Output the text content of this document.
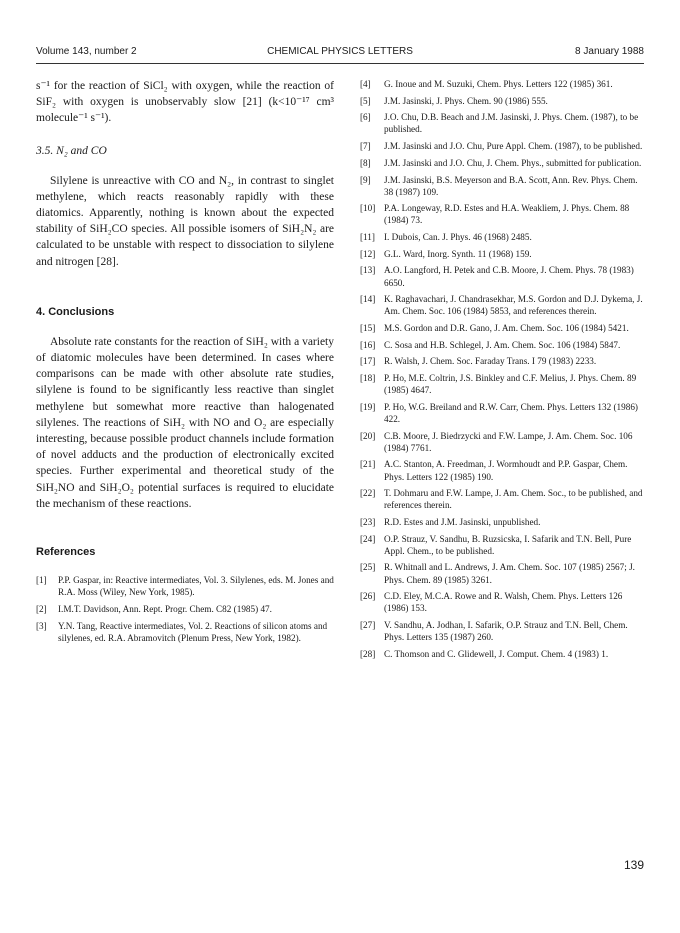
Volume 143, number 2	CHEMICAL PHYSICS LETTERS	8 January 1988

s⁻¹ for the reaction of SiCl₂ with oxygen, while the reaction of SiF₂ with oxygen is unobservably slow [21] (k<10⁻¹⁷ cm³ molecule⁻¹ s⁻¹).

3.5. N₂ and CO

Silylene is unreactive with CO and N₂, in contrast to singlet methylene, which reacts reasonably rapidly with these diatomics. Apparently, nothing is known about the expected stability of SiH₂CO species. All possible isomers of SiH₂N₂ are calculated to be unstable with respect to dissociation to silylene and nitrogen [28].

4. Conclusions

Absolute rate constants for the reaction of SiH₂ with a variety of diatomic molecules have been determined. In cases where comparisons can be made with other absolute rate studies, silylene is found to be significantly less reactive than singlet methylene but somewhat more reactive than halogenated silylenes. The reactions of SiH₂ with NO and O₂ are especially interesting, because possible product channels include formation of novel adducts and the production of electronically excited species. Further experimental and theoretical study of the SiH₂NO and SiH₂O₂ potential surfaces is required to elucidate the mechanism of these reactions.

References
[1]	P.P. Gaspar, in: Reactive intermediates, Vol. 3. Silylenes, eds. M. Jones and R.A. Moss (Wiley, New York, 1985).
[2]	I.M.T. Davidson, Ann. Rept. Progr. Chem. C82 (1985) 47.
[3]	Y.N. Tang, Reactive intermediates, Vol. 2. Reactions of silicon atoms and silylenes, ed. R.A. Abramovitch (Plenum Press, New York, 1982).
[4]	G. Inoue and M. Suzuki, Chem. Phys. Letters 122 (1985) 361.
[5]	J.M. Jasinski, J. Phys. Chem. 90 (1986) 555.
[6]	J.O. Chu, D.B. Beach and J.M. Jasinski, J. Phys. Chem. (1987), to be published.
[7]	J.M. Jasinski and J.O. Chu, Pure Appl. Chem. (1987), to be published.
[8]	J.M. Jasinski and J.O. Chu, J. Chem. Phys., submitted for publication.
[9]	J.M. Jasinski, B.S. Meyerson and B.A. Scott, Ann. Rev. Phys. Chem. 38 (1987) 109.
[10] P.A. Longeway, R.D. Estes and H.A. Weakliem, J. Phys. Chem. 88 (1984) 73.
[11] I. Dubois, Can. J. Phys. 46 (1968) 2485.
[12] G.L. Ward, Inorg. Synth. 11 (1968) 159.
[13] A.O. Langford, H. Petek and C.B. Moore, J. Chem. Phys. 78 (1983) 6650.
[14] K. Raghavachari, J. Chandrasekhar, M.S. Gordon and D.J. Dykema, J. Am. Chem. Soc. 106 (1984) 5853, and references therein.
[15] M.S. Gordon and D.R. Gano, J. Am. Chem. Soc. 106 (1984) 5421.
[16] C. Sosa and H.B. Schlegel, J. Am. Chem. Soc. 106 (1984) 5847.
[17] R. Walsh, J. Chem. Soc. Faraday Trans. I 79 (1983) 2233.
[18] P. Ho, M.E. Coltrin, J.S. Binkley and C.F. Melius, J. Phys. Chem. 89 (1985) 4647.
[19] P. Ho, W.G. Breiland and R.W. Carr, Chem. Phys. Letters 132 (1986) 422.
[20] C.B. Moore, J. Biedrzycki and F.W. Lampe, J. Am. Chem. Soc. 106 (1984) 7761.
[21] A.C. Stanton, A. Freedman, J. Wormhoudt and P.P. Gaspar, Chem. Phys. Letters 122 (1985) 190.
[22] T. Dohmaru and F.W. Lampe, J. Am. Chem. Soc., to be published, and references therein.
[23] R.D. Estes and J.M. Jasinski, unpublished.
[24] O.P. Strauz, V. Sandhu, B. Ruzsicska, I. Safarik and T.N. Bell, Pure Appl. Chem., to be published.
[25] R. Whitnall and L. Andrews, J. Am. Chem. Soc. 107 (1985) 2567; J. Phys. Chem. 89 (1985) 3261.
[26] C.D. Eley, M.C.A. Rowe and R. Walsh, Chem. Phys. Letters 126 (1986) 153.
[27] V. Sandhu, A. Jodhan, I. Safarik, O.P. Strauz and T.N. Bell, Chem. Phys. Letters 135 (1987) 260.
[28] C. Thomson and C. Glidewell, J. Comput. Chem. 4 (1983) 1.
139
